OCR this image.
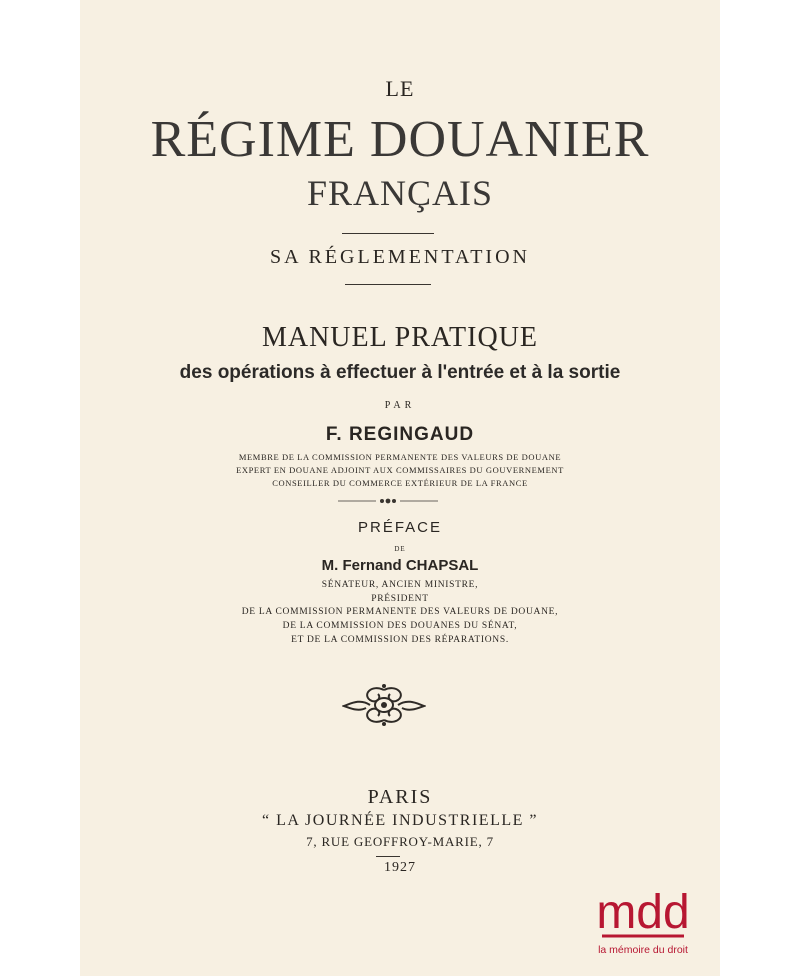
LE
RÉGIME DOUANIER
FRANÇAIS
SA RÉGLEMENTATION
MANUEL PRATIQUE
des opérations à effectuer à l'entrée et à la sortie
PAR
F. REGINGAUD
MEMBRE DE LA COMMISSION PERMANENTE DES VALEURS DE DOUANE
EXPERT EN DOUANE ADJOINT AUX COMMISSAIRES DU GOUVERNEMENT
CONSEILLER DU COMMERCE EXTÉRIEUR DE LA FRANCE
PRÉFACE
DE
M. Fernand CHAPSAL
SÉNATEUR, ANCIEN MINISTRE,
PRÉSIDENT
DE LA COMMISSION PERMANENTE DES VALEURS DE DOUANE,
DE LA COMMISSION DES DOUANES DU SÉNAT,
ET DE LA COMMISSION DES RÉPARATIONS.
PARIS
“ LA JOURNÉE INDUSTRIELLE ”
7, RUE GEOFFROY-MARIE, 7
1927
mdd
la mémoire du droit
